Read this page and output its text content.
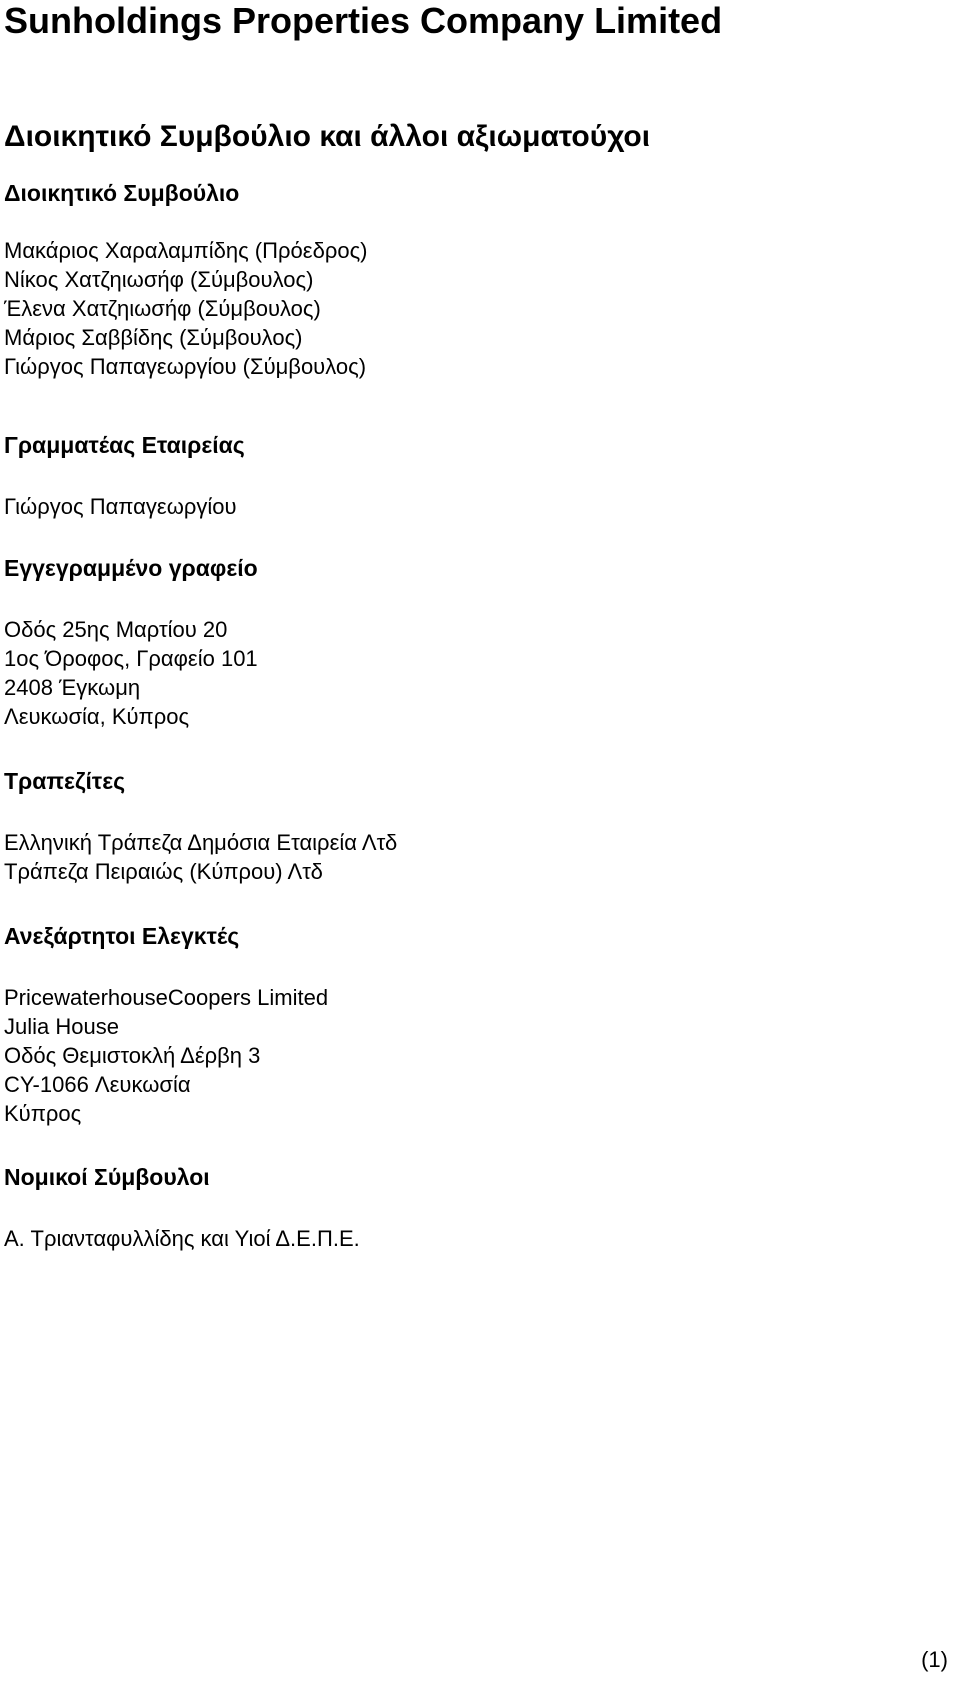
Sunholdings Properties Company Limited
Διοικητικό Συμβούλιο και άλλοι αξιωματούχοι
Διοικητικό Συμβούλιο
Μακάριος Χαραλαμπίδης (Πρόεδρος)
Νίκος Χατζηιωσήφ (Σύμβουλος)
Έλενα Χατζηιωσήφ (Σύμβουλος)
Μάριος Σαββίδης (Σύμβουλος)
Γιώργος Παπαγεωργίου (Σύμβουλος)
Γραμματέας Εταιρείας
Γιώργος Παπαγεωργίου
Εγγεγραμμένο γραφείο
Οδός 25ης Μαρτίου 20
1ος Όροφος, Γραφείο 101
2408 Έγκωμη
Λευκωσία, Κύπρος
Τραπεζίτες
Ελληνική Τράπεζα Δημόσια Εταιρεία Λτδ
Τράπεζα Πειραιώς (Κύπρου) Λτδ
Ανεξάρτητοι Ελεγκτές
PricewaterhouseCoopers Limited
Julia House
Οδός Θεμιστοκλή Δέρβη 3
CY-1066 Λευκωσία
Κύπρος
Νομικοί Σύμβουλοι
Α. Τριανταφυλλίδης και Υιοί Δ.Ε.Π.Ε.

(1)
